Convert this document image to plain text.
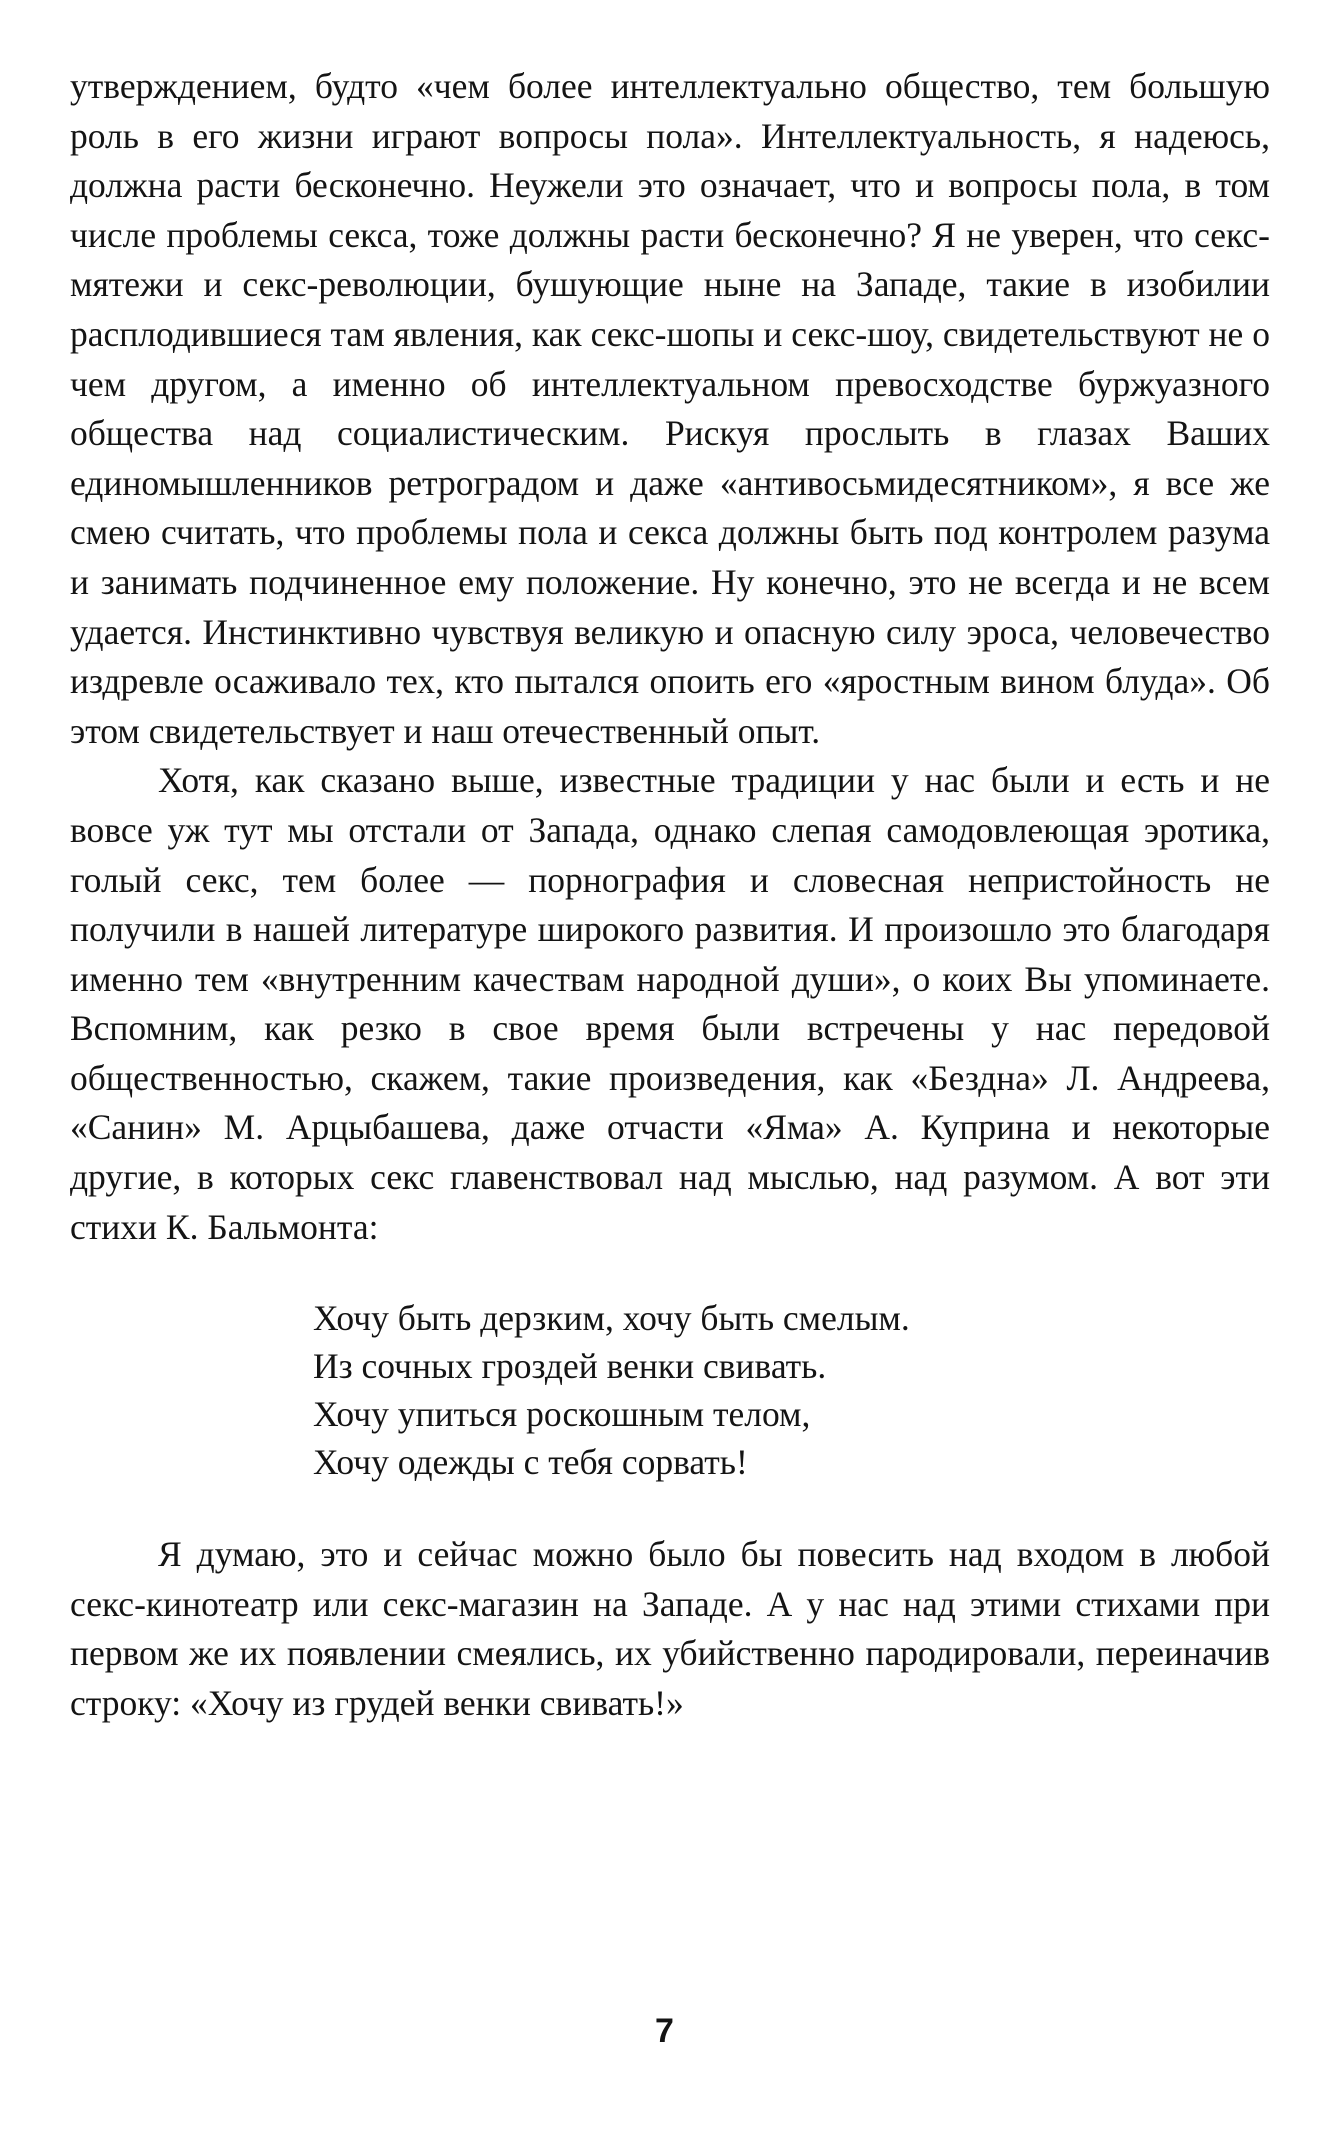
утверждением, будто «чем более интеллектуально общество, тем большую роль в его жизни играют вопросы пола». Интеллектуальность, я надеюсь, должна расти бесконечно. Неужели это означает, что и вопросы пола, в том числе проблемы секса, тоже должны расти бесконечно? Я не уверен, что секс-мятежи и секс-революции, бушующие ныне на Западе, такие в изобилии расплодившиеся там явления, как секс-шопы и секс-шоу, свидетельствуют не о чем другом, а именно об интеллектуальном превосходстве буржуазного общества над социалистическим. Рискуя прослыть в глазах Ваших единомышленников ретроградом и даже «антивосьмидесятником», я все же смею считать, что проблемы пола и секса должны быть под контролем разума и занимать подчиненное ему положение. Ну конечно, это не всегда и не всем удается. Инстинктивно чувствуя великую и опасную силу эроса, человечество издревле осаживало тех, кто пытался опоить его «яростным вином блуда». Об этом свидетельствует и наш отечественный опыт.

Хотя, как сказано выше, известные традиции у нас были и есть и не вовсе уж тут мы отстали от Запада, однако слепая самодовлеющая эротика, голый секс, тем более — порнография и словесная непристойность не получили в нашей литературе широкого развития. И произошло это благодаря именно тем «внутренним качествам народной души», о коих Вы упоминаете. Вспомним, как резко в свое время были встречены у нас передовой общественностью, скажем, такие произведения, как «Бездна» Л. Андреева, «Санин» М. Арцыбашева, даже отчасти «Яма» А. Куприна и некоторые другие, в которых секс главенствовал над мыслью, над разумом. А вот эти стихи К. Бальмонта:

Хочу быть дерзким, хочу быть смелым.
Из сочных гроздей венки свивать.
Хочу упиться роскошным телом,
Хочу одежды с тебя сорвать!

Я думаю, это и сейчас можно было бы повесить над входом в любой секс-кинотеатр или секс-магазин на Западе. А у нас над этими стихами при первом же их появлении смеялись, их убийственно пародировали, переиначив строку: «Хочу из грудей венки свивать!»

7
